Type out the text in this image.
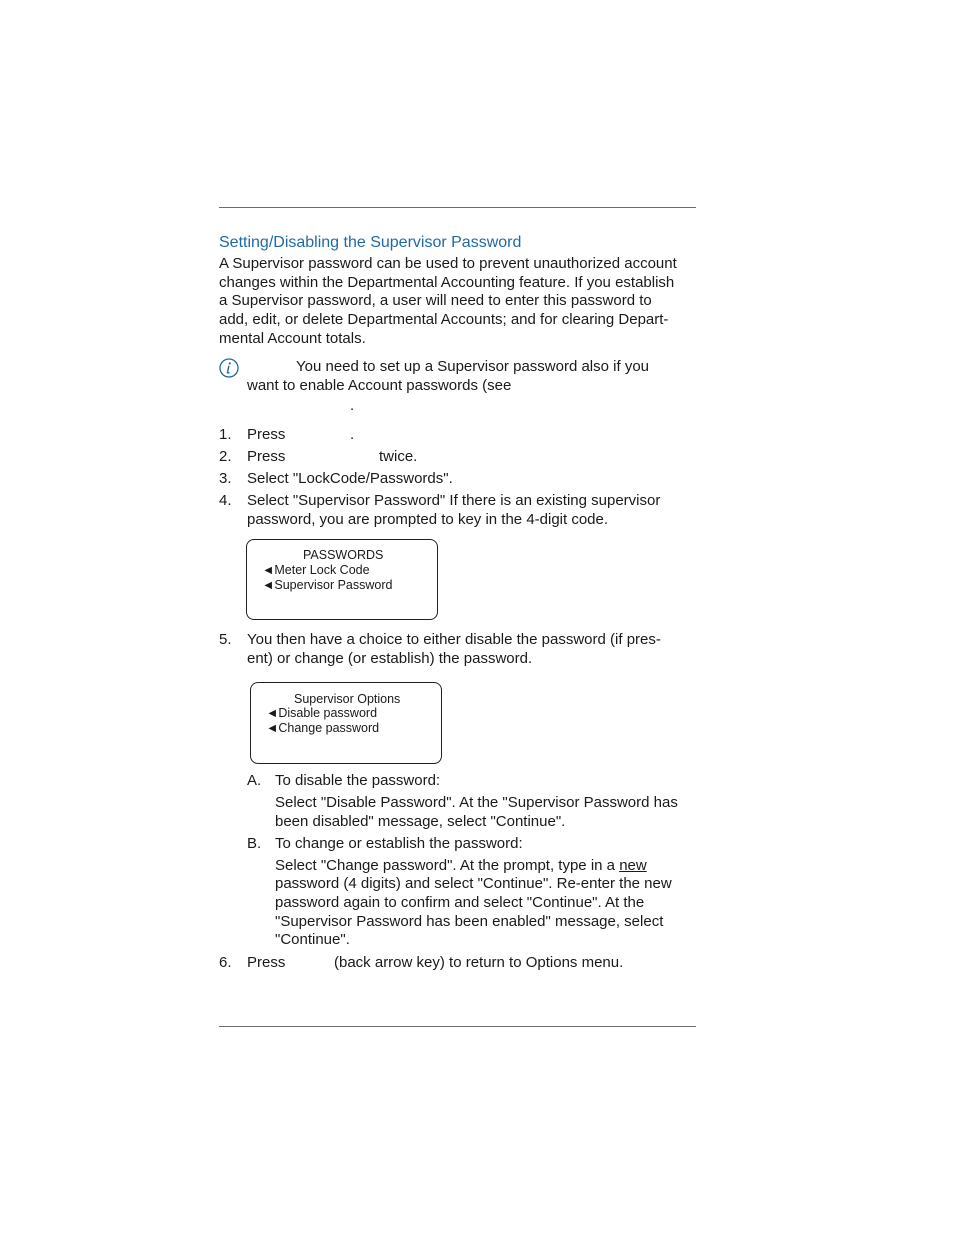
Setting/Disabling the Supervisor Password
A Supervisor password can be used to prevent unauthorized account
changes within the Departmental Accounting feature. If you establish
a Supervisor password, a user will need to enter this password to
add, edit, or delete Departmental Accounts; and for clearing Depart-
mental Account totals.
You need to set up a Supervisor password also if you
want to enable Account passwords (see
.
1. Press	.
2. Press	twice.
3. Select "LockCode/Passwords".
4. Select "Supervisor Password" If there is an existing supervisor
password, you are prompted to key in the 4-digit code.
PASSWORDS
◄Meter Lock Code
◄Supervisor Password
5. You then have a choice to either disable the password (if pres-
ent) or change (or establish) the password.
Supervisor Options
◄Disable password
◄Change password
A. To disable the password:
Select "Disable Password". At the "Supervisor Password has
been disabled" message, select "Continue".
B. To change or establish the password:
Select "Change password". At the prompt, type in a new
password (4 digits) and select "Continue". Re-enter the new
password again to confirm and select "Continue". At the
"Supervisor Password has been enabled" message, select
"Continue".
6. Press	(back arrow key) to return to Options menu.
